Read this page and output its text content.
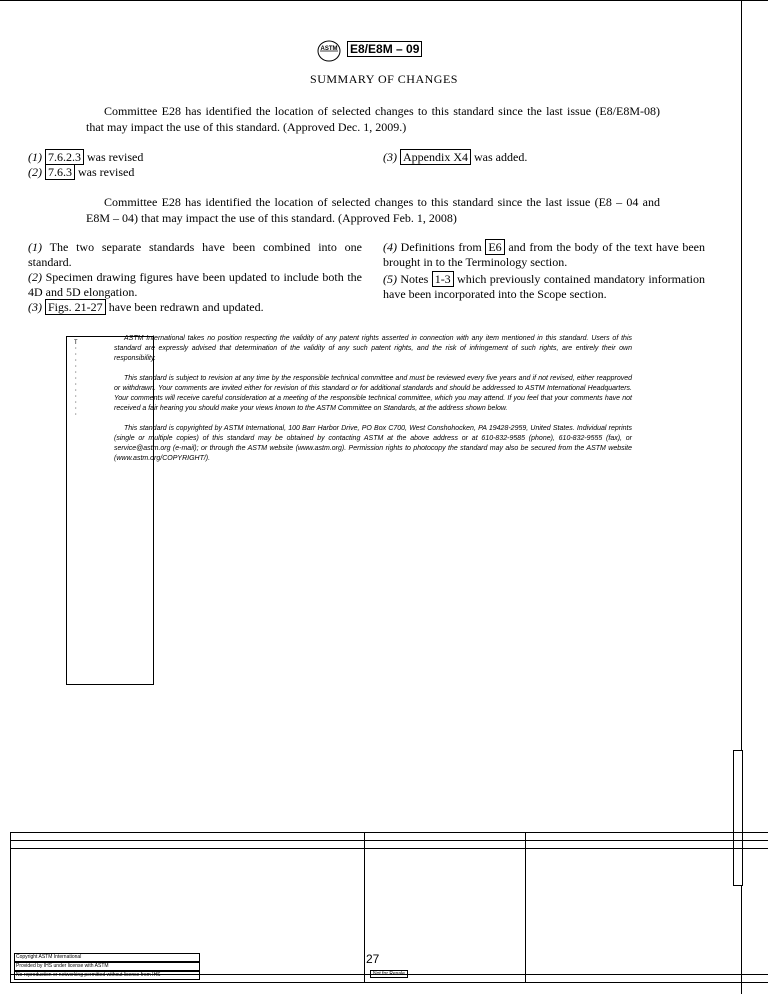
ASTM E8/E8M – 09
SUMMARY OF CHANGES
Committee E28 has identified the location of selected changes to this standard since the last issue (E8/E8M-08) that may impact the use of this standard. (Approved Dec. 1, 2009.)
(1) 7.6.2.3 was revised
(2) 7.6.3 was revised
(3) Appendix X4 was added.
Committee E28 has identified the location of selected changes to this standard since the last issue (E8 – 04 and E8M – 04) that may impact the use of this standard. (Approved Feb. 1, 2008)

(1) The two separate standards have been combined into one standard.

(2) Specimen drawing figures have been updated to include both the 4D and 5D elongation.

(3) Figs. 21-27 have been redrawn and updated.

(4) Definitions from E6 and from the body of the text have been brought in to the Terminology section.

(5) Notes 1-3 which previously contained mandatory information have been incorporated into the Scope section.

T
·
·
·
·
·
·
·
·
·
·
·
·

ASTM International takes no position respecting the validity of any patent rights asserted in connection with any item mentioned in this standard. Users of this standard are expressly advised that determination of the validity of any such patent rights, and the risk of infringement of such rights, are entirely their own responsibility.

This standard is subject to revision at any time by the responsible technical committee and must be reviewed every five years and if not revised, either reapproved or withdrawn. Your comments are invited either for revision of this standard or for additional standards and should be addressed to ASTM International Headquarters. Your comments will receive careful consideration at a meeting of the responsible technical committee, which you may attend. If you feel that your comments have not received a fair hearing you should make your views known to the ASTM Committee on Standards, at the address shown below.

This standard is copyrighted by ASTM International, 100 Barr Harbor Drive, PO Box C700, West Conshohocken, PA 19428-2959, United States. Individual reprints (single or multiple copies) of this standard may be obtained by contacting ASTM at the above address or at 610-832-9585 (phone), 610-832-9555 (fax), or service@astm.org (e-mail); or through the ASTM website (www.astm.org). Permission rights to photocopy the standard may also be secured from the ASTM website (www.astm.org/COPYRIGHT/).

Copyright ASTM International
Provided by IHS under license with ASTM
No reproduction or networking permitted without license from IHS
27
Not for Resale
